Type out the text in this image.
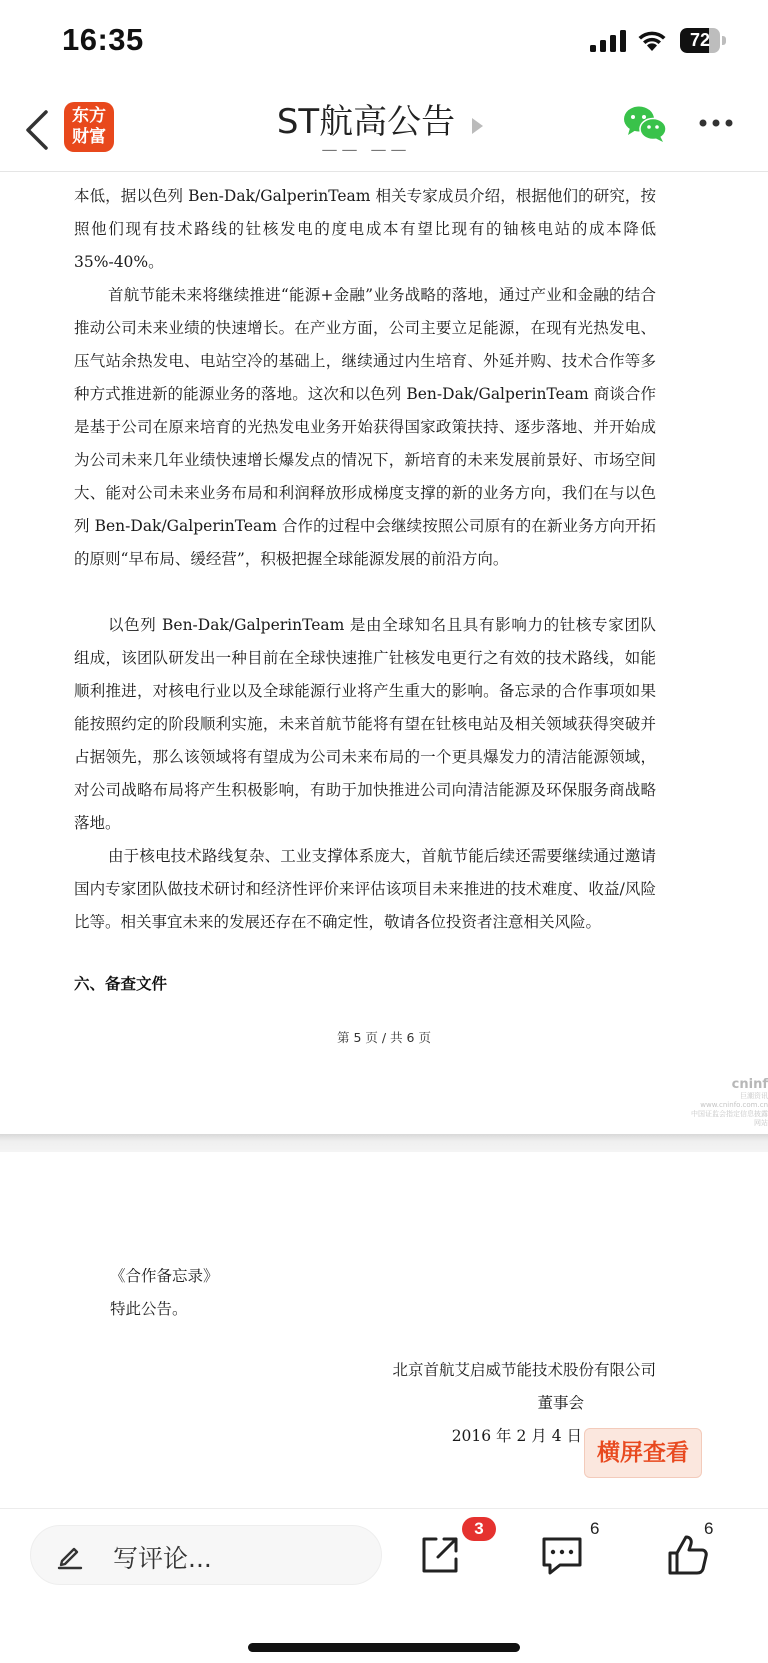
16:35	72
东方
财富	ST航高公告
—— ——
本低，据以色列 Ben-Dak/GalperinTeam 相关专家成员介绍，根据他们的研究，按照他们现有技术路线的钍核发电的度电成本有望比现有的铀核电站的成本降低 35%-40%。
首航节能未来将继续推进“能源+金融”业务战略的落地，通过产业和金融的结合推动公司未来业绩的快速增长。在产业方面，公司主要立足能源，在现有光热发电、压气站余热发电、电站空冷的基础上，继续通过内生培育、外延并购、技术合作等多种方式推进新的能源业务的落地。这次和以色列 Ben-Dak/GalperinTeam 商谈合作是基于公司在原来培育的光热发电业务开始获得国家政策扶持、逐步落地、并开始成为公司未来几年业绩快速增长爆发点的情况下，新培育的未来发展前景好、市场空间大、能对公司未来业务布局和利润释放形成梯度支撑的新的业务方向，我们在与以色列 Ben-Dak/GalperinTeam 合作的过程中会继续按照公司原有的在新业务方向开拓的原则“早布局、缓经营”，积极把握全球能源发展的前沿方向。
以色列 Ben-Dak/GalperinTeam 是由全球知名且具有影响力的钍核专家团队组成，该团队研发出一种目前在全球快速推广钍核发电更行之有效的技术路线，如能顺利推进，对核电行业以及全球能源行业将产生重大的影响。备忘录的合作事项如果能按照约定的阶段顺利实施，未来首航节能将有望在钍核电站及相关领域获得突破并占据领先，那么该领域将有望成为公司未来布局的一个更具爆发力的清洁能源领域，对公司战略布局将产生积极影响，有助于加快推进公司向清洁能源及环保服务商战略落地。
由于核电技术路线复杂、工业支撑体系庞大，首航节能后续还需要继续通过邀请国内专家团队做技术研讨和经济性评价来评估该项目未来推进的技术难度、收益/风险比等。相关事宜未来的发展还存在不确定性，敬请各位投资者注意相关风险。
六、备查文件
第 5 页 / 共 6 页
cninf
巨潮资讯
www.cninfo.com.cn
中国证监会指定信息披露网站
《合作备忘录》
特此公告。
北京首航艾启威节能技术股份有限公司
董事会
2016 年 2 月 4 日
横屏查看
写评论...
3	6	6
